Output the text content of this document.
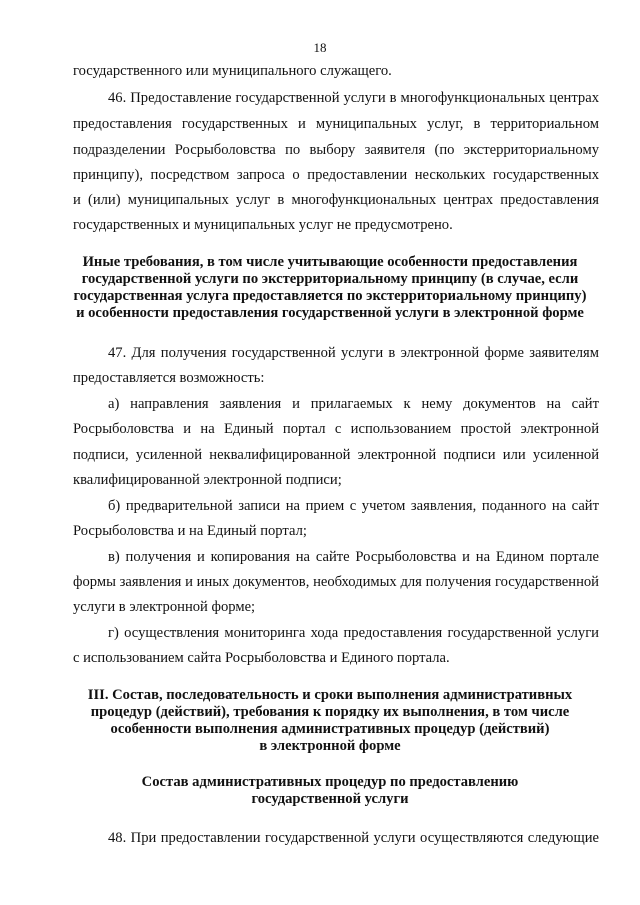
18
государственного или муниципального служащего.
46. Предоставление государственной услуги в многофункциональных центрах
предоставления государственных и муниципальных услуг, в территориальном
подразделении Росрыболовства по выбору заявителя (по экстерриториальному
принципу), посредством запроса о предоставлении нескольких государственных
и (или) муниципальных услуг в многофункциональных центрах предоставления
государственных и муниципальных услуг не предусмотрено.
Иные требования, в том числе учитывающие особенности предоставления
государственной услуги по экстерриториальному принципу (в случае, если
государственная услуга предоставляется по экстерриториальному принципу)
и особенности предоставления государственной услуги в электронной форме
47. Для получения государственной услуги в электронной форме заявителям
предоставляется возможность:
а) направления заявления и прилагаемых к нему документов на сайт
Росрыболовства и на Единый портал с использованием простой электронной
подписи, усиленной неквалифицированной электронной подписи или усиленной
квалифицированной электронной подписи;
б) предварительной записи на прием с учетом заявления, поданного на сайт
Росрыболовства и на Единый портал;
в) получения и копирования на сайте Росрыболовства и на Едином портале
формы заявления и иных документов, необходимых для получения государственной
услуги в электронной форме;
г) осуществления мониторинга хода предоставления государственной услуги
с использованием сайта Росрыболовства и Единого портала.
III. Состав, последовательность и сроки выполнения административных
процедур (действий), требования к порядку их выполнения, в том числе
особенности выполнения административных процедур (действий)
в электронной форме
Состав административных процедур по предоставлению
государственной услуги
48. При предоставлении государственной услуги осуществляются следующие
